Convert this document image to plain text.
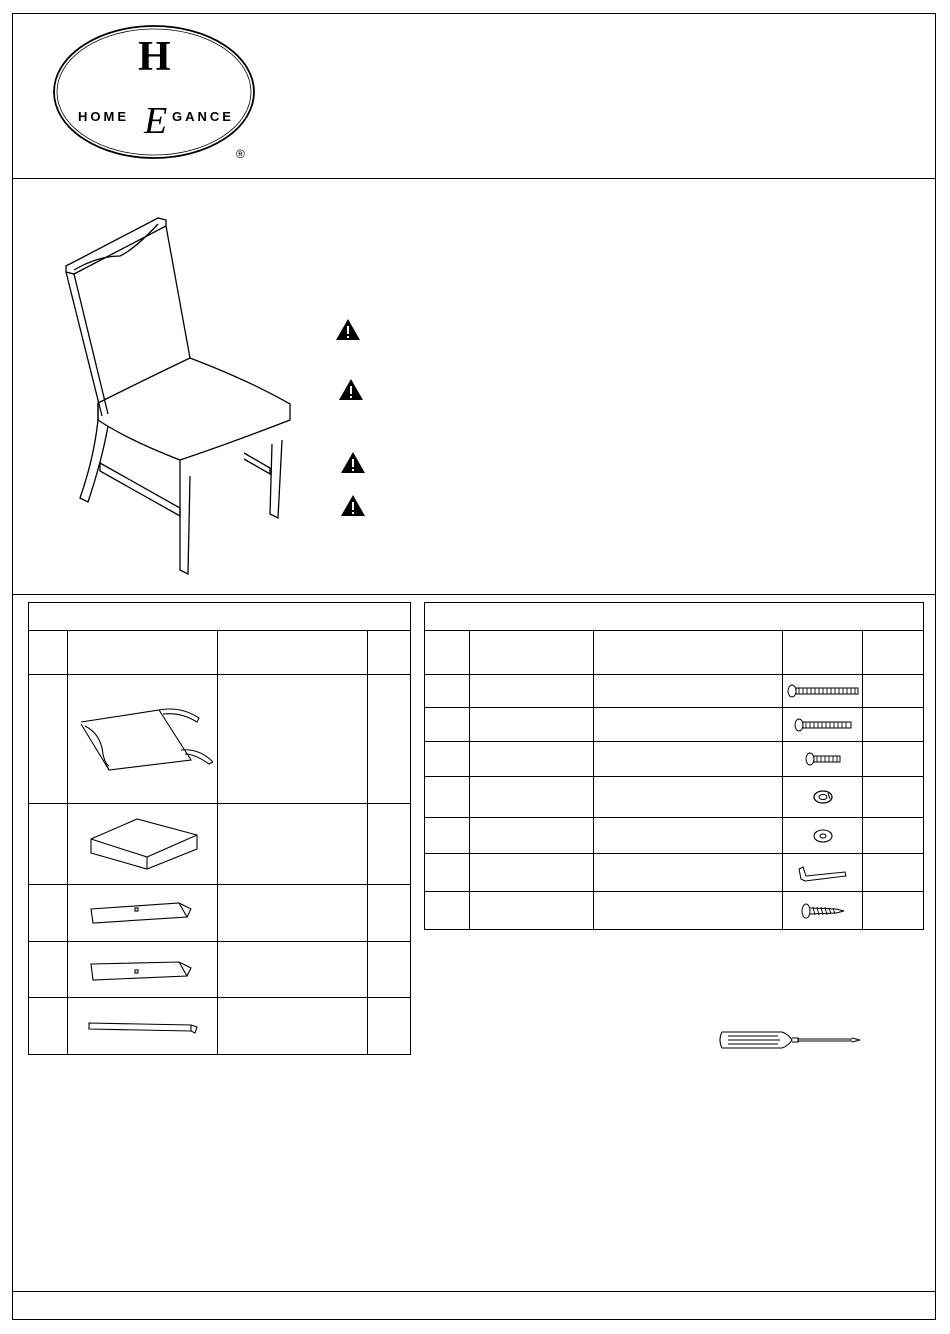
H
HOME	GANCE
E
®
